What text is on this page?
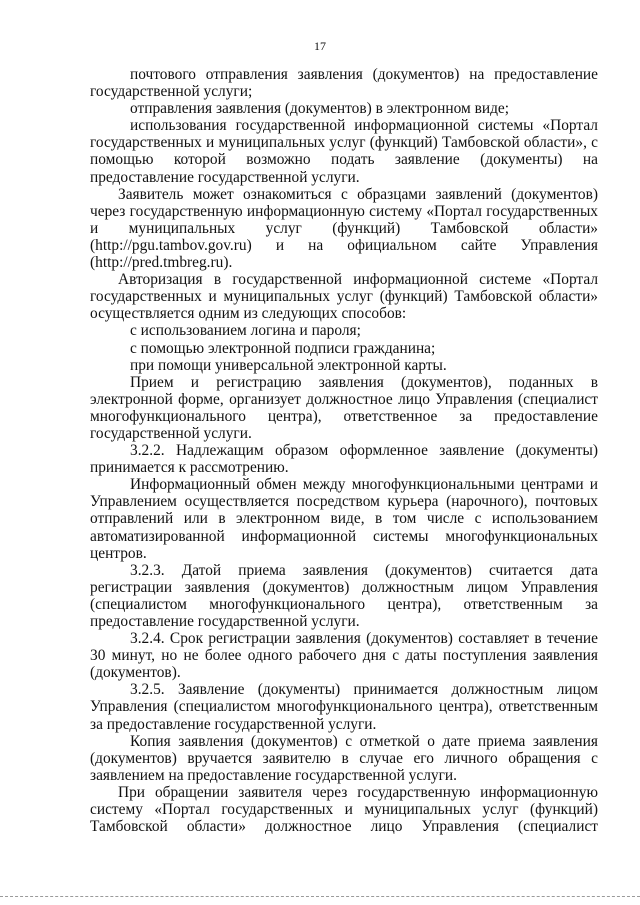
17

почтового отправления заявления (документов) на предоставление государственной услуги;

отправления заявления (документов) в электронном виде;

использования государственной информационной системы «Портал государственных и муниципальных услуг (функций) Тамбовской области», с помощью которой возможно подать заявление (документы) на предоставление государственной услуги.

Заявитель может ознакомиться с образцами заявлений (документов) через государственную информационную систему «Портал государственных и муниципальных услуг (функций) Тамбовской области» (http://pgu.tambov.gov.ru) и на официальном сайте Управления (http://pred.tmbreg.ru).

Авторизация в государственной информационной системе «Портал государственных и муниципальных услуг (функций) Тамбовской области» осуществляется одним из следующих способов:

с использованием логина и пароля;

с помощью электронной подписи гражданина;

при помощи универсальной электронной карты.

Прием и регистрацию заявления (документов), поданных в электронной форме, организует должностное лицо Управления (специалист многофункционального центра), ответственное за предоставление государственной услуги.

3.2.2. Надлежащим образом оформленное заявление (документы) принимается к рассмотрению.

Информационный обмен между многофункциональными центрами и Управлением осуществляется посредством курьера (нарочного), почтовых отправлений или в электронном виде, в том числе с использованием автоматизированной информационной системы многофункциональных центров.

3.2.3. Датой приема заявления (документов) считается дата регистрации заявления (документов) должностным лицом Управления (специалистом многофункционального центра), ответственным за предоставление государственной услуги.

3.2.4. Срок регистрации заявления (документов) составляет в течение 30 минут, но не более одного рабочего дня с даты поступления заявления (документов).

3.2.5. Заявление (документы) принимается должностным лицом Управления (специалистом многофункционального центра), ответственным за предоставление государственной услуги.

Копия заявления (документов) с отметкой о дате приема заявления (документов) вручается заявителю в случае его личного обращения с заявлением на предоставление государственной услуги.

При обращении заявителя через государственную информационную систему «Портал государственных и муниципальных услуг (функций) Тамбовской области» должностное лицо Управления (специалист
